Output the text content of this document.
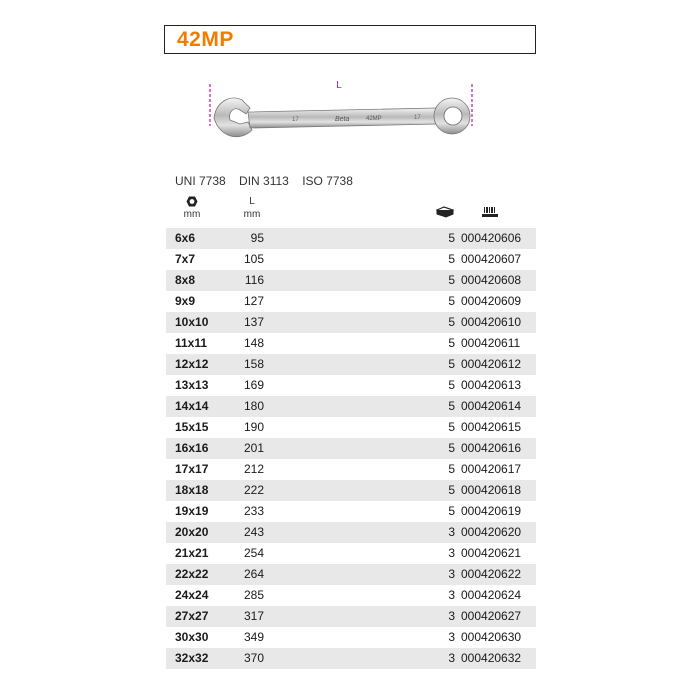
42MP
L
17	Beta	42MP	17
UNI 7738 DIN 3113 ISO 7738
mm
L
mm
6x6	95	5 000420606
7x7	105	5 000420607
8x8	116	5 000420608
9x9	127	5 000420609
10x10	137	5 000420610
11x11	148	5 000420611
12x12	158	5 000420612
13x13	169	5 000420613
14x14	180	5 000420614
15x15	190	5 000420615
16x16	201	5 000420616
17x17	212	5 000420617
18x18	222	5 000420618
19x19	233	5 000420619
20x20	243	3 000420620
21x21	254	3 000420621
22x22	264	3 000420622
24x24	285	3 000420624
27x27	317	3 000420627
30x30	349	3 000420630
32x32	370	3 000420632
